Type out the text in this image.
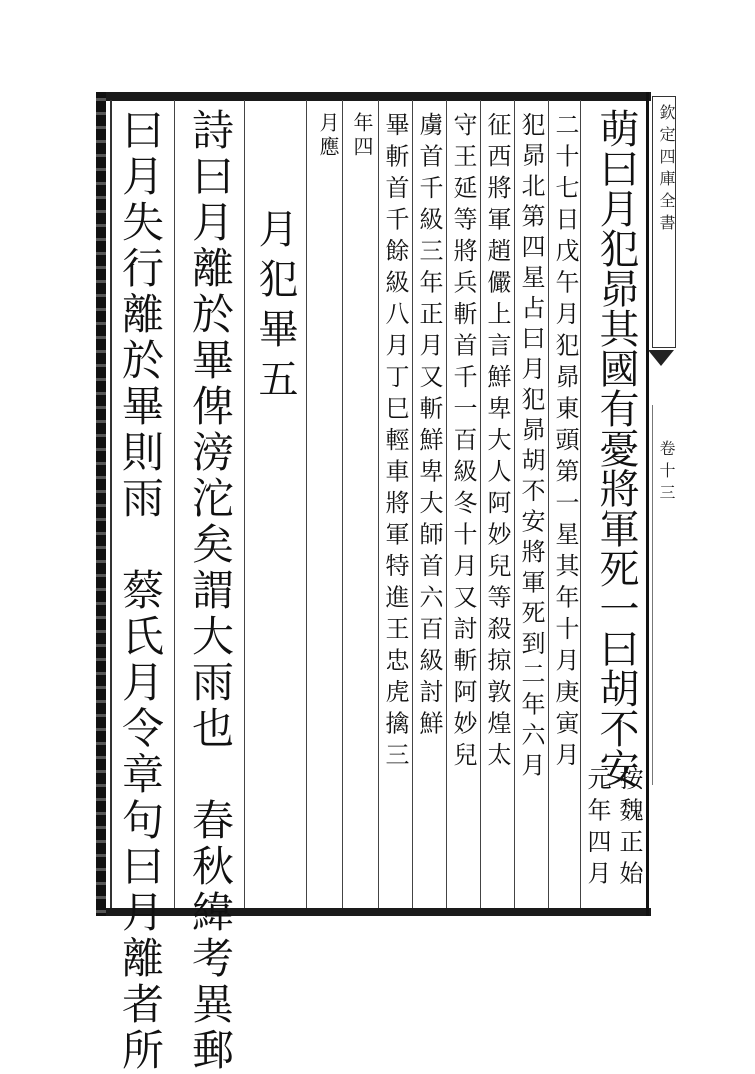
曰月失行離於畢則雨　蔡氏月令章句曰月離者所 詩曰月離於畢俾滂沱矣謂大雨也　春秋緯考異郵 月犯畢五
月應 年四 畢斬首千餘級八月丁巳輕車將軍特進王忠虎擒三 虜首千級三年正月又斬鮮卑大師首六百級討鮮 守王延等將兵斬首千一百級冬十月又討斬阿妙兒 征西將軍趙儼上言鮮卑大人阿妙兒等殺掠敦煌太 犯昴北第四星占曰月犯昴胡不安將軍死到二年六月 二十七日戊午月犯昴東頭第一星其年十月庚寅月
元年四月 按魏正始
萌曰月犯昴其國有憂將軍死一曰胡不安 欽定四庫全書
卷十三
